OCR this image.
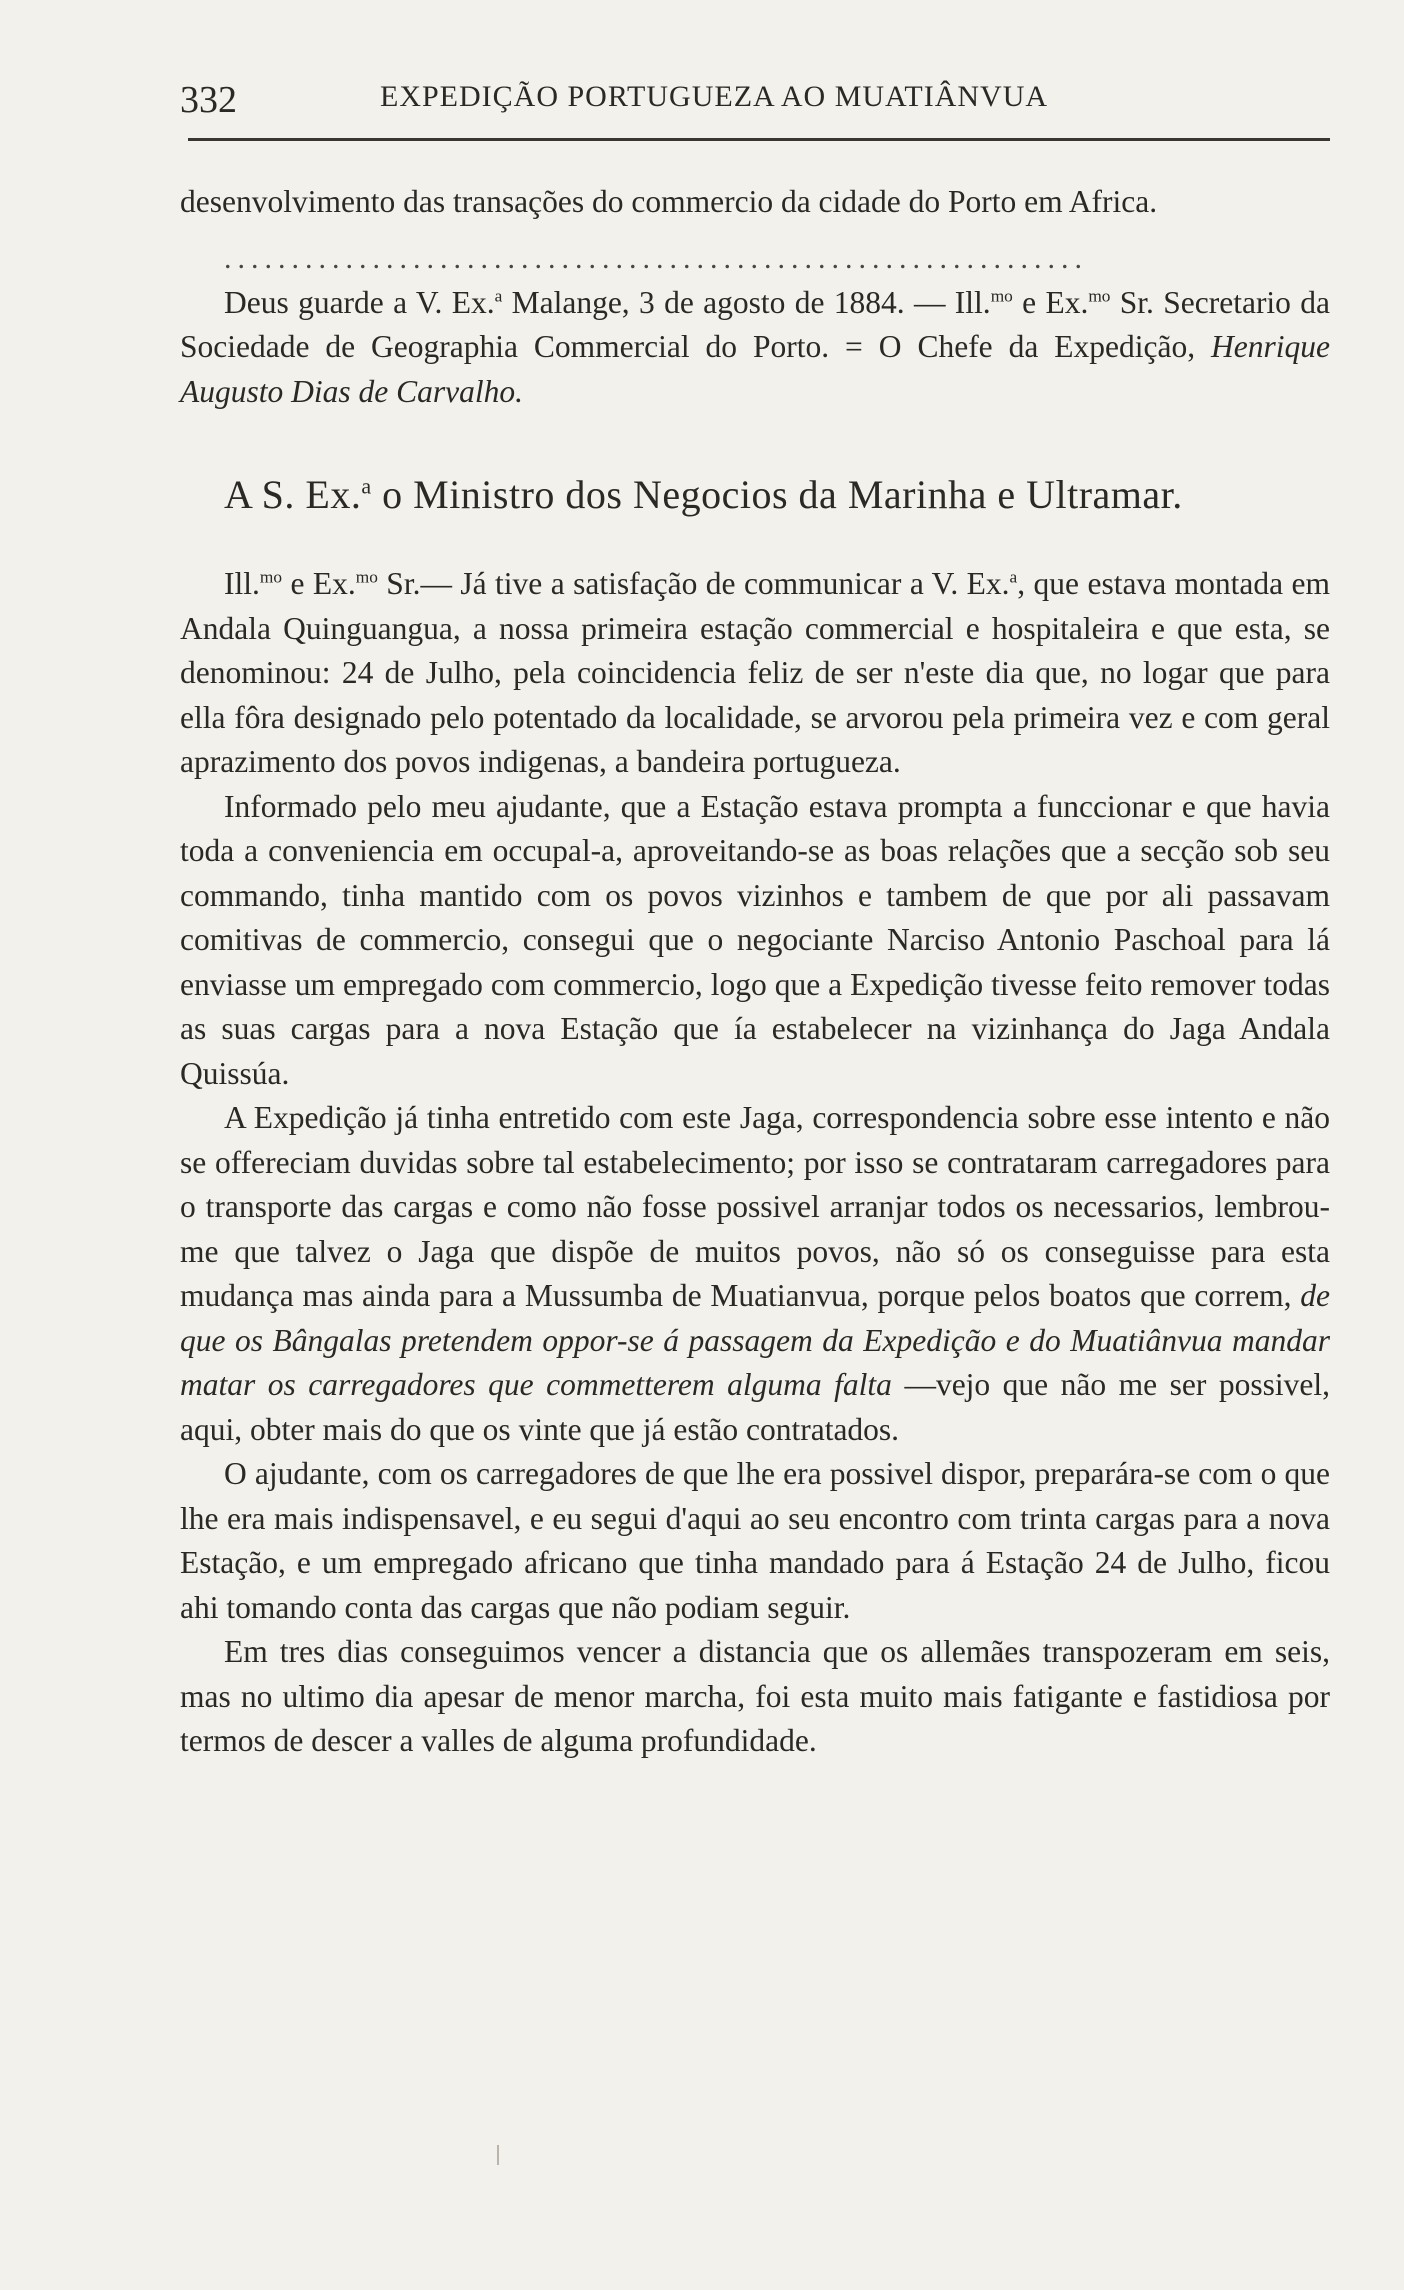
332	EXPEDIÇÃO PORTUGUEZA AO MUATIÂNVUA

desenvolvimento das transações do commercio da cidade do Porto em Africa.

................................................................

Deus guarde a V. Ex.$^a$ Malange, 3 de agosto de 1884. — Ill.$^{mo}$ e Ex.$^{mo}$ Sr. Secretario da Sociedade de Geographia Commercial do Porto. = O Chefe da Expedição, Henrique Augusto Dias de Carvalho.

A S. Ex.$^a$ o Ministro dos Negocios da Marinha e Ultramar.

Ill.$^{mo}$ e Ex.$^{mo}$ Sr.— Já tive a satisfação de communicar a V. Ex.$^a$, que estava montada em Andala Quinguangua, a nossa primeira estação commercial e hospitaleira e que esta, se denominou: 24 de Julho, pela coincidencia feliz de ser n'este dia que, no logar que para ella fôra designado pelo potentado da localidade, se arvorou pela primeira vez e com geral aprazimento dos povos indigenas, a bandeira portugueza.

Informado pelo meu ajudante, que a Estação estava prompta a funccionar e que havia toda a conveniencia em occupal-a, aproveitando-se as boas relações que a secção sob seu commando, tinha mantido com os povos vizinhos e tambem de que por ali passavam comitivas de commercio, consegui que o negociante Narciso Antonio Paschoal para lá enviasse um empregado com commercio, logo que a Expedição tivesse feito remover todas as suas cargas para a nova Estação que ía estabelecer na vizinhança do Jaga Andala Quissúa.

A Expedição já tinha entretido com este Jaga, correspondencia sobre esse intento e não se offereciam duvidas sobre tal estabelecimento; por isso se contrataram carregadores para o transporte das cargas e como não fosse possivel arranjar todos os necessarios, lembrou-me que talvez o Jaga que dispõe de muitos povos, não só os conseguisse para esta mudança mas ainda para a Mussumba de Muatianvua, porque pelos boatos que correm, de que os Bângalas pretendem oppor-se á passagem da Expedição e do Muatiânvua mandar matar os carregadores que commetterem alguma falta —vejo que não me ser possivel, aqui, obter mais do que os vinte que já estão contratados.

O ajudante, com os carregadores de que lhe era possivel dispor, preparára-se com o que lhe era mais indispensavel, e eu segui d'aqui ao seu encontro com trinta cargas para a nova Estação, e um empregado africano que tinha mandado para á Estação 24 de Julho, ficou ahi tomando conta das cargas que não podiam seguir.

Em tres dias conseguimos vencer a distancia que os allemães transpozeram em seis, mas no ultimo dia apesar de menor marcha, foi esta muito mais fatigante e fastidiosa por termos de descer a valles de alguma profundidade.
